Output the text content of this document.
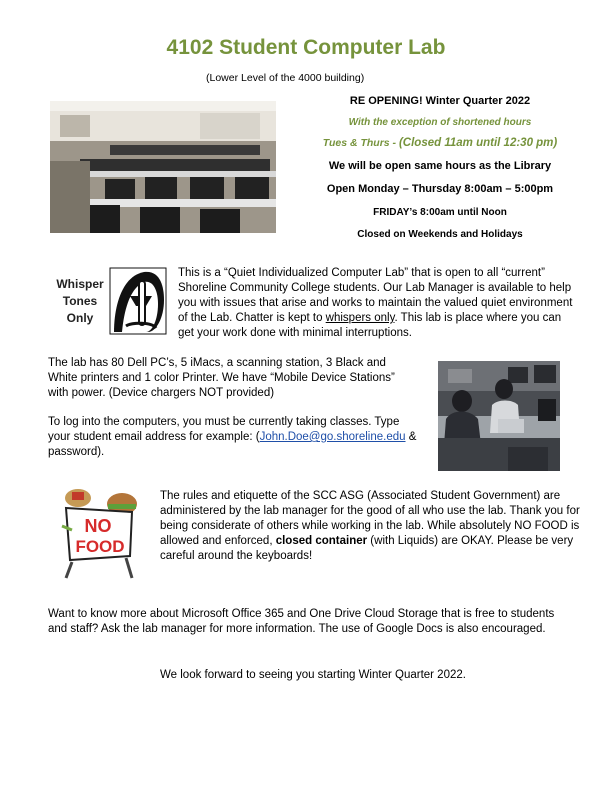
4102 Student Computer Lab
(Lower Level of the 4000 building)
RE OPENING! Winter Quarter 2022
With the exception of shortened hours
Tues & Thurs - (Closed 11am until 12:30 pm)
We will be open same hours as the Library
Open Monday – Thursday 8:00am – 5:00pm
FRIDAY’s 8:00am until Noon
Closed on Weekends and Holidays
Whisper
Tones
Only
This is a “Quiet Individualized Computer Lab” that is open to all “current” Shoreline Community College students. Our Lab Manager is available to help you with issues that arise and works to maintain the valued quiet environment of the Lab. Chatter is kept to whispers only. This lab is place where you can get your work done with minimal interruptions.
The lab has 80 Dell PC’s, 5 iMacs, a scanning station, 3 Black and White printers and 1 color Printer. We have “Mobile Device Stations” with power. (Device chargers NOT provided)
To log into the computers, you must be currently taking classes. Type your student email address for example: (John.Doe@go.shoreline.edu & password).
NO
FOOD
The rules and etiquette of the SCC ASG (Associated Student Government) are administered by the lab manager for the good of all who use the lab. Thank you for being considerate of others while working in the lab. While absolutely NO FOOD is allowed and enforced, closed container (with Liquids) are OKAY. Please be very careful around the keyboards!
Want to know more about Microsoft Office 365 and One Drive Cloud Storage that is free to students and staff? Ask the lab manager for more information. The use of Google Docs is also encouraged.
We look forward to seeing you starting Winter Quarter 2022.
